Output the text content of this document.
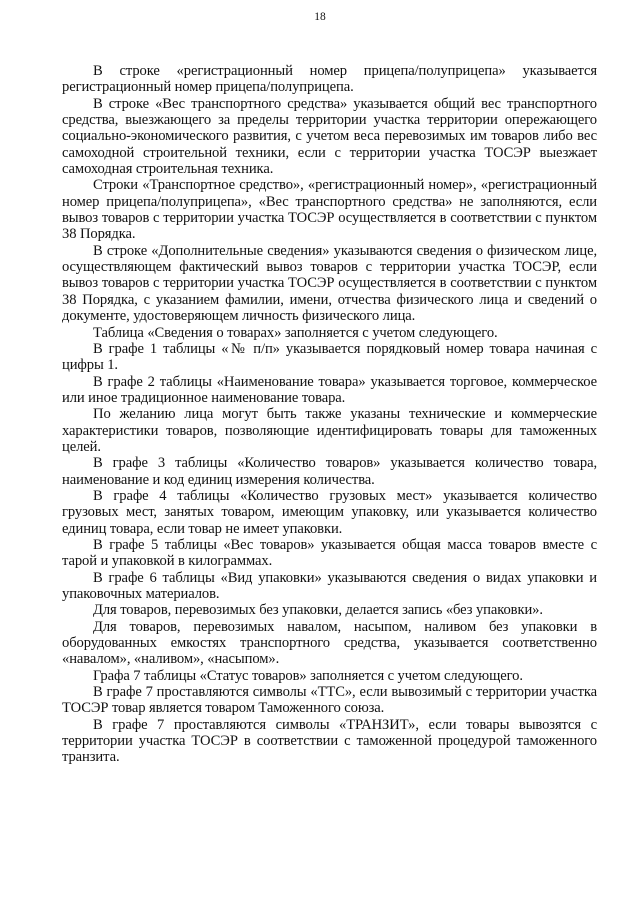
18

В строке «регистрационный номер прицепа/полуприцепа» указывается регистрационный номер прицепа/полуприцепа.

В строке «Вес транспортного средства» указывается общий вес транспортного средства, выезжающего за пределы территории участка территории опережающего социально-экономического развития, с учетом веса перевозимых им товаров либо вес самоходной строительной техники, если с территории участка ТОСЭР выезжает самоходная строительная техника.

Строки «Транспортное средство», «регистрационный номер», «регистрационный номер прицепа/полуприцепа», «Вес транспортного средства» не заполняются, если вывоз товаров с территории участка ТОСЭР осуществляется в соответствии с пунктом 38 Порядка.

В строке «Дополнительные сведения» указываются сведения о физическом лице, осуществляющем фактический вывоз товаров с территории участка ТОСЭР, если вывоз товаров с территории участка ТОСЭР осуществляется в соответствии с пунктом 38 Порядка, с указанием фамилии, имени, отчества физического лица и сведений о документе, удостоверяющем личность физического лица.

Таблица «Сведения о товарах» заполняется с учетом следующего.

В графе 1 таблицы «№ п/п» указывается порядковый номер товара начиная с цифры 1.

В графе 2 таблицы «Наименование товара» указывается торговое, коммерческое или иное традиционное наименование товара.

По желанию лица могут быть также указаны технические и коммерческие характеристики товаров, позволяющие идентифицировать товары для таможенных целей.

В графе 3 таблицы «Количество товаров» указывается количество товара, наименование и код единиц измерения количества.

В графе 4 таблицы «Количество грузовых мест» указывается количество грузовых мест, занятых товаром, имеющим упаковку, или указывается количество единиц товара, если товар не имеет упаковки.

В графе 5 таблицы «Вес товаров» указывается общая масса товаров вместе с тарой и упаковкой в килограммах.

В графе 6 таблицы «Вид упаковки» указываются сведения о видах упаковки и упаковочных материалов.

Для товаров, перевозимых без упаковки, делается запись «без упаковки».

Для товаров, перевозимых навалом, насыпом, наливом без упаковки в оборудованных емкостях транспортного средства, указывается соответственно «навалом», «наливом», «насыпом».

Графа 7 таблицы «Статус товаров» заполняется с учетом следующего.

В графе 7 проставляются символы «ТТС», если вывозимый с территории участка ТОСЭР товар является товаром Таможенного союза.

В графе 7 проставляются символы «ТРАНЗИТ», если товары вывозятся с территории участка ТОСЭР в соответствии с таможенной процедурой таможенного транзита.
